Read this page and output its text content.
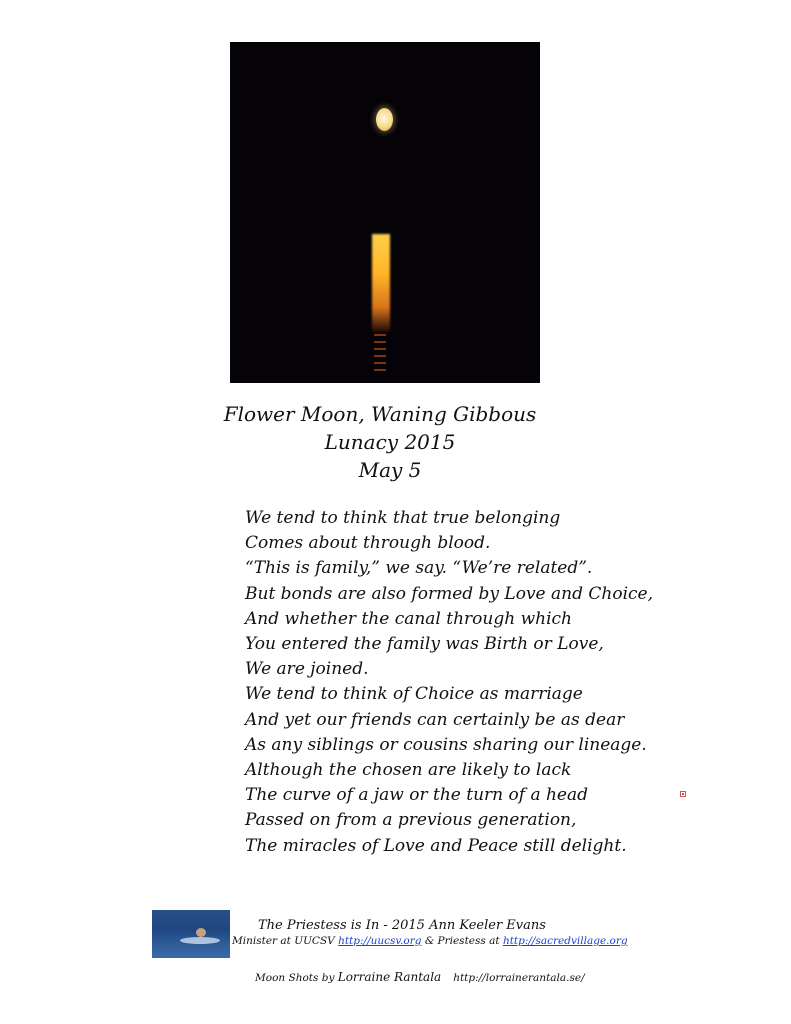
Flower Moon, Waning Gibbous
Lunacy 2015
May 5
We tend to think that true belonging
Comes about through blood.
“This is family,” we say. “We’re related”.
But bonds are also formed by Love and Choice,
And whether the canal through which
You entered the family was Birth or Love,
We are joined.
We tend to think of Choice as marriage
And yet our friends can certainly be as dear
As any siblings or cousins sharing our lineage.
Although the chosen are likely to lack
The curve of a jaw or the turn of a head
Passed on from a previous generation,
The miracles of Love and Peace still delight.
The Priestess is In - 2015 Ann Keeler Evans
Minister at UUCSV http://uucsv.org & Priestess at http://sacredvillage.org
Moon Shots by Lorraine Rantala http://lorrainerantala.se/
